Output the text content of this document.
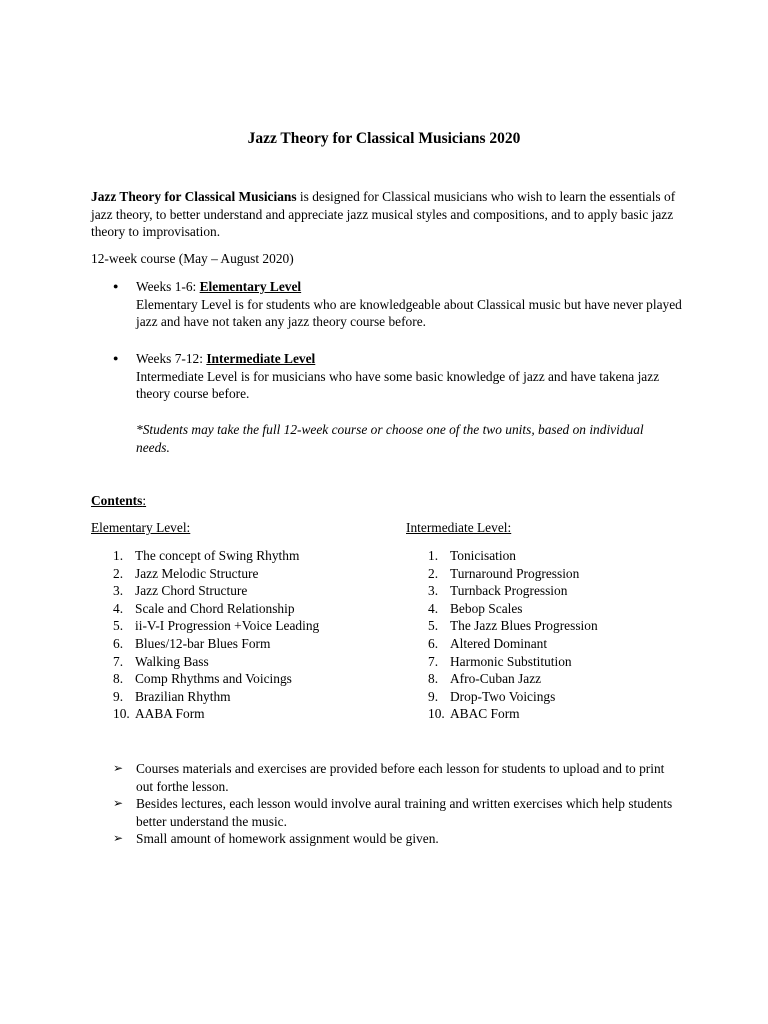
Jazz Theory for Classical Musicians 2020
Jazz Theory for Classical Musicians is designed for Classical musicians who wish to learn the essentials of jazz theory, to better understand and appreciate jazz musical styles and compositions, and to apply basic jazz theory to improvisation.
12-week course (May – August 2020)
● Weeks 1-6: Elementary Level
Elementary Level is for students who are knowledgeable about Classical music but have never played jazz and have not taken any jazz theory course before.
● Weeks 7-12: Intermediate Level
Intermediate Level is for musicians who have some basic knowledge of jazz and have takena jazz theory course before.
*Students may take the full 12-week course or choose one of the two units, based on individual needs.
Contents:
Elementary Level:	Intermediate Level:
1. The concept of Swing Rhythm
2. Jazz Melodic Structure
3. Jazz Chord Structure
4. Scale and Chord Relationship
5. ii-V-I Progression +Voice Leading
6. Blues/12-bar Blues Form
7. Walking Bass
8. Comp Rhythms and Voicings
9. Brazilian Rhythm
10. AABA Form
1. Tonicisation
2. Turnaround Progression
3. Turnback Progression
4. Bebop Scales
5. The Jazz Blues Progression
6. Altered Dominant
7. Harmonic Substitution
8. Afro-Cuban Jazz
9. Drop-Two Voicings
10. ABAC Form
➢ Courses materials and exercises are provided before each lesson for students to upload and to print out forthe lesson.
➢ Besides lectures, each lesson would involve aural training and written exercises which help students better understand the music.
➢ Small amount of homework assignment would be given.
